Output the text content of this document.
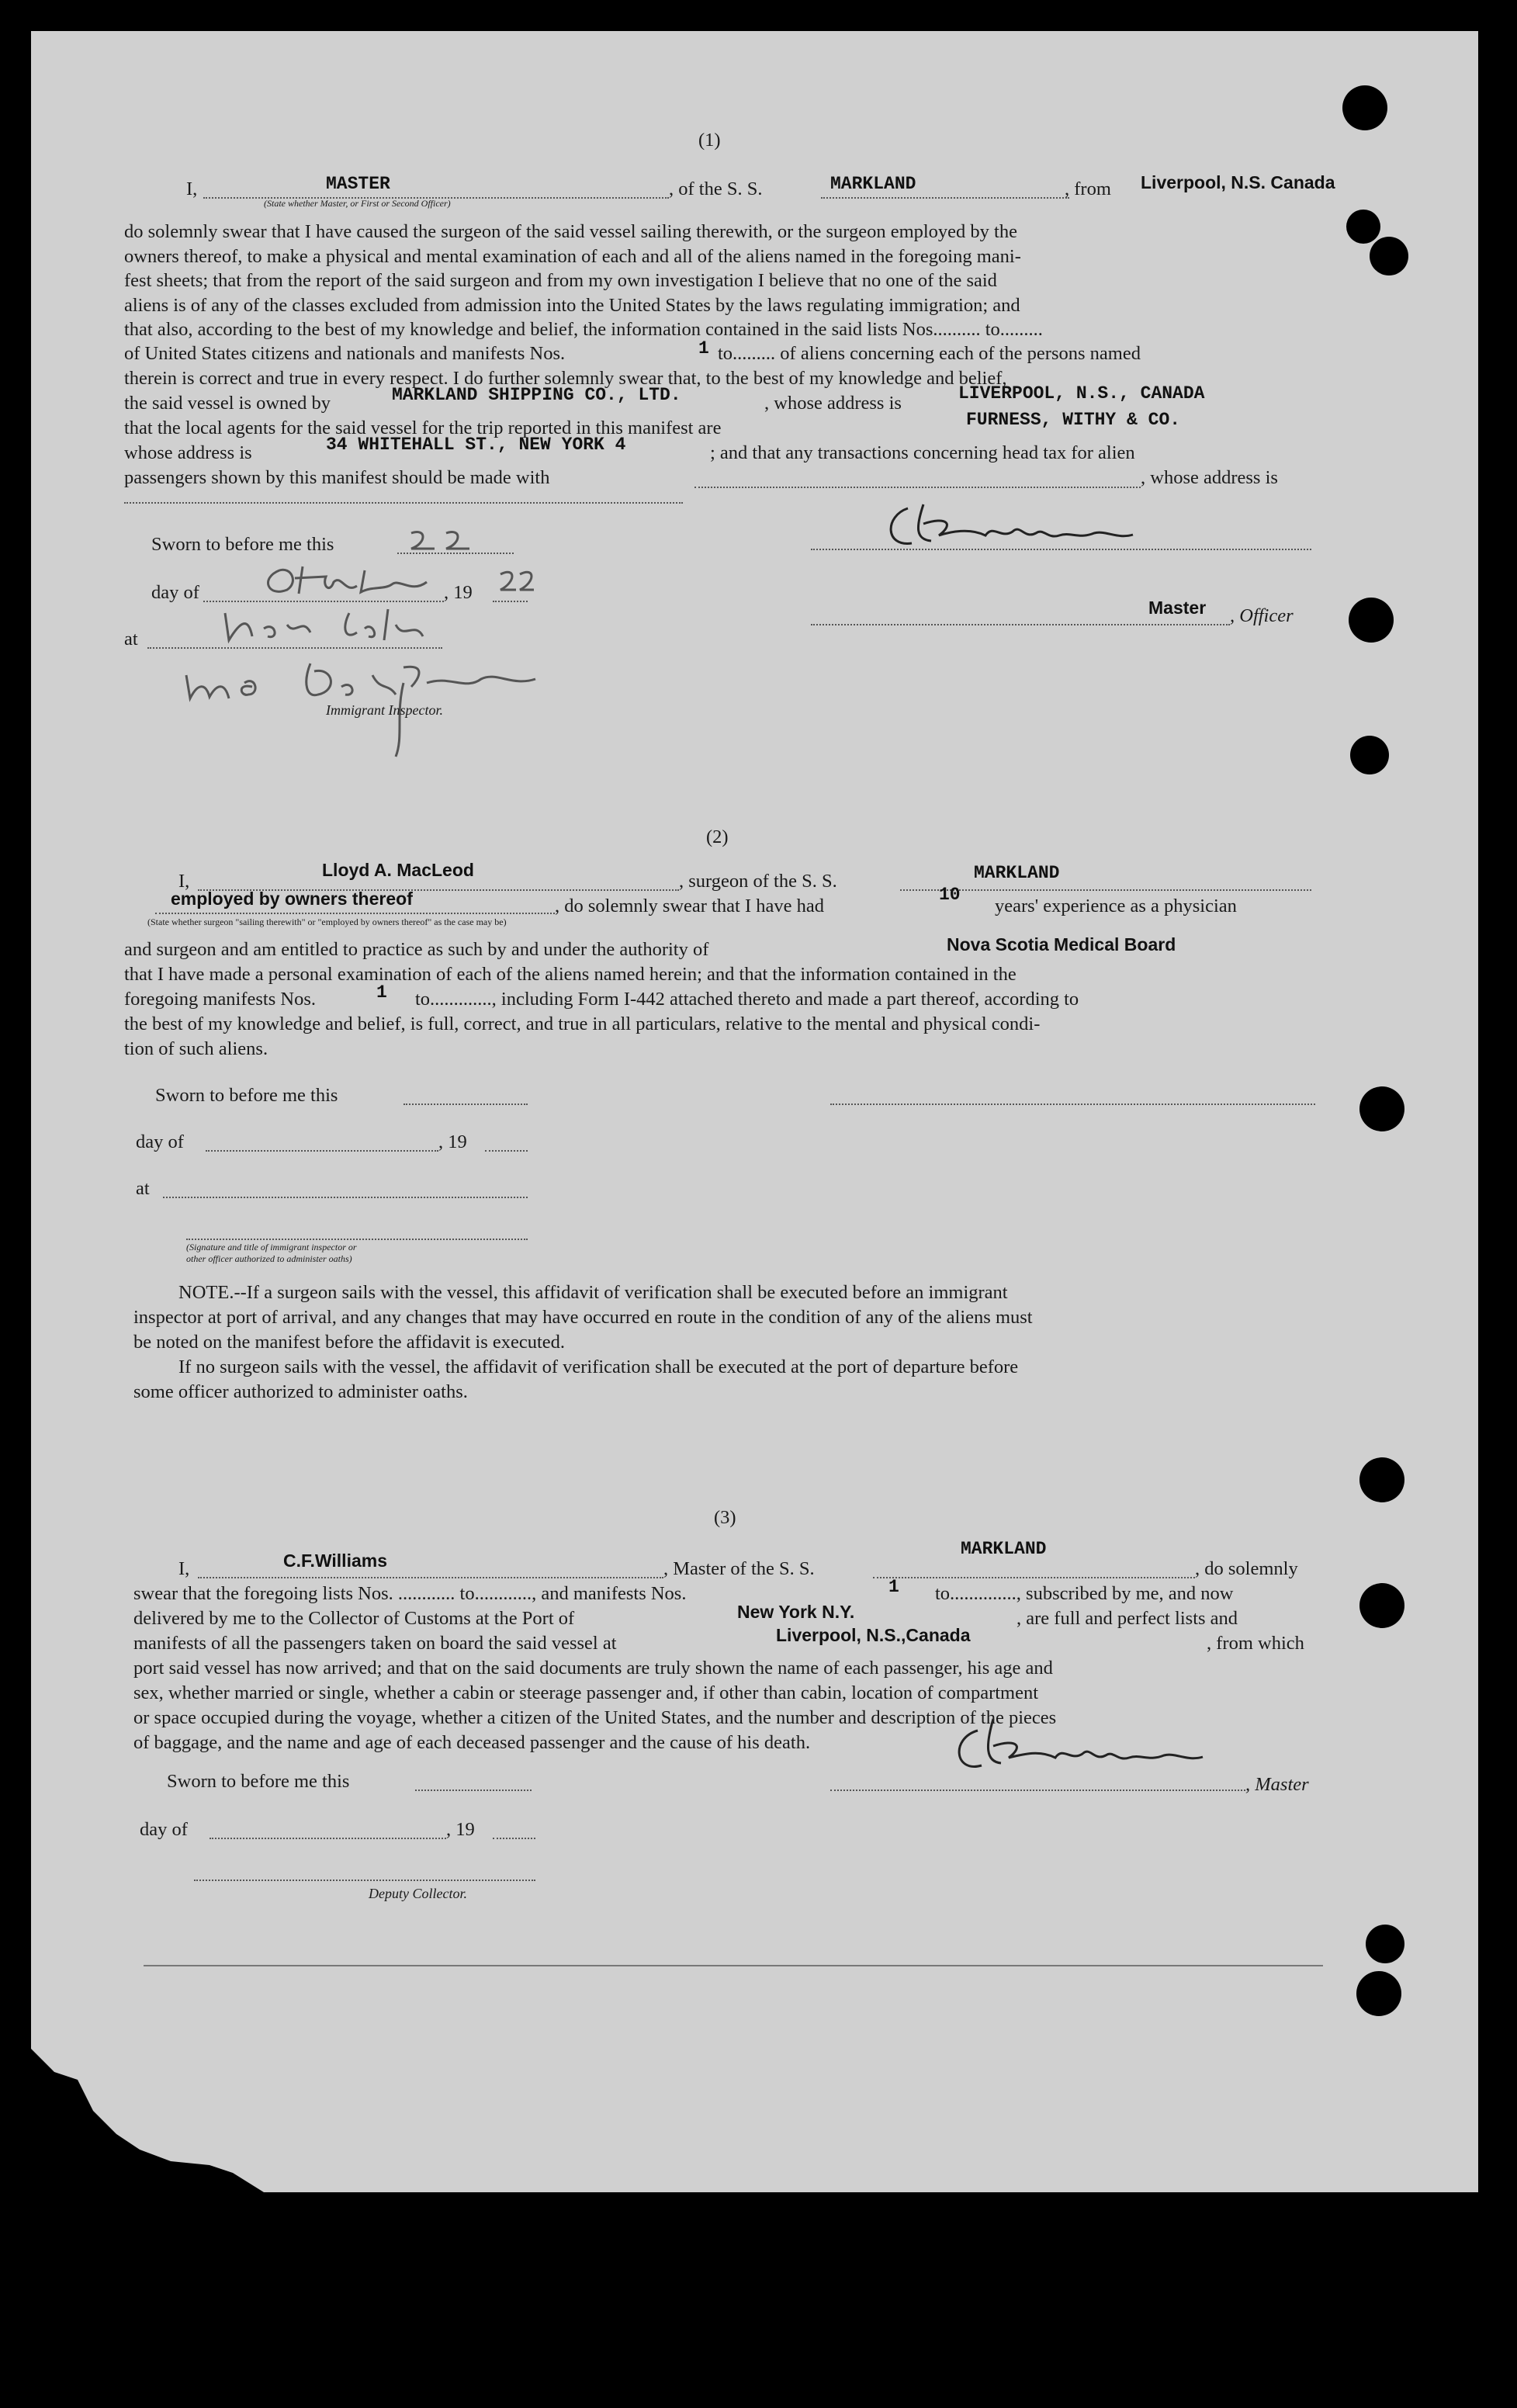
(1)
I,	MASTER
(State whether Master, or First or Second Officer)
, of the S. S.	MARKLAND	, from Liverpool, N.S. Canada
do solemnly swear that I have caused the surgeon of the said vessel sailing therewith, or the surgeon employed by the
owners thereof, to make a physical and mental examination of each and all of the aliens named in the foregoing mani-
fest sheets; that from the report of the said surgeon and from my own investigation I believe that no one of the said
aliens is of any of the classes excluded from admission into the United States by the laws regulating immigration; and
that also, according to the best of my knowledge and belief, the information contained in the said lists Nos.......... to.........
of United States citizens and nationals and manifests Nos.	1 to......... of aliens concerning each of the persons named
therein is correct and true in every respect. I do further solemnly swear that, to the best of my knowledge and belief,
the said vessel is owned by	MARKLAND SHIPPING CO., LTD.	, whose address is	LIVERPOOL, N.S., CANADA
that the local agents for the said vessel for the trip reported in this manifest are	FURNESS, WITHY & CO.
whose address is	34 WHITEHALL ST., NEW YORK 4	; and that any transactions concerning head tax for alien
passengers shown by this manifest should be made with	, whose address is
Sworn to before me this
day of	, 19
at
Immigrant Inspector.
Master , Officer
(2)
I,
Lloyd A. MacLeod
, surgeon of the S. S.	MARKLAND
employed by owners thereof	, do solemnly swear that I have had
10
years' experience as a physician
(State whether surgeon "sailing therewith" or "employed by owners thereof" as the case may be)
and surgeon and am entitled to practice as such by and under the authority of	Nova Scotia Medical Board
that I have made a personal examination of each of the aliens named herein; and that the information contained in the
foregoing manifests Nos.	1 to............., including Form I-442 attached thereto and made a part thereof, according to
the best of my knowledge and belief, is full, correct, and true in all particulars, relative to the mental and physical condi-
tion of such aliens.
Sworn to before me this
day of	, 19
at
(Signature and title of immigrant inspector or
other officer authorized to administer oaths)
NOTE.--If a surgeon sails with the vessel, this affidavit of verification shall be executed before an immigrant
inspector at port of arrival, and any changes that may have occurred en route in the condition of any of the aliens must
be noted on the manifest before the affidavit is executed.
If no surgeon sails with the vessel, the affidavit of verification shall be executed at the port of departure before
some officer authorized to administer oaths.
(3)
I,	C.F.Williams	, Master of the S. S.
MARKLAND
, do solemnly
swear that the foregoing lists Nos. ............ to............, and manifests Nos.	1 to.............., subscribed by me, and now
delivered by me to the Collector of Customs at the Port of	New York N.Y.	, are full and perfect lists and
manifests of all the passengers taken on board the said vessel at	Liverpool, N.S.,Canada	, from which
port said vessel has now arrived; and that on the said documents are truly shown the name of each passenger, his age and
sex, whether married or single, whether a cabin or steerage passenger and, if other than cabin, location of compartment
or space occupied during the voyage, whether a citizen of the United States, and the number and description of the pieces
of baggage, and the name and age of each deceased passenger and the cause of his death.
, Master
Sworn to before me this
day of	, 19
Deputy Collector.
